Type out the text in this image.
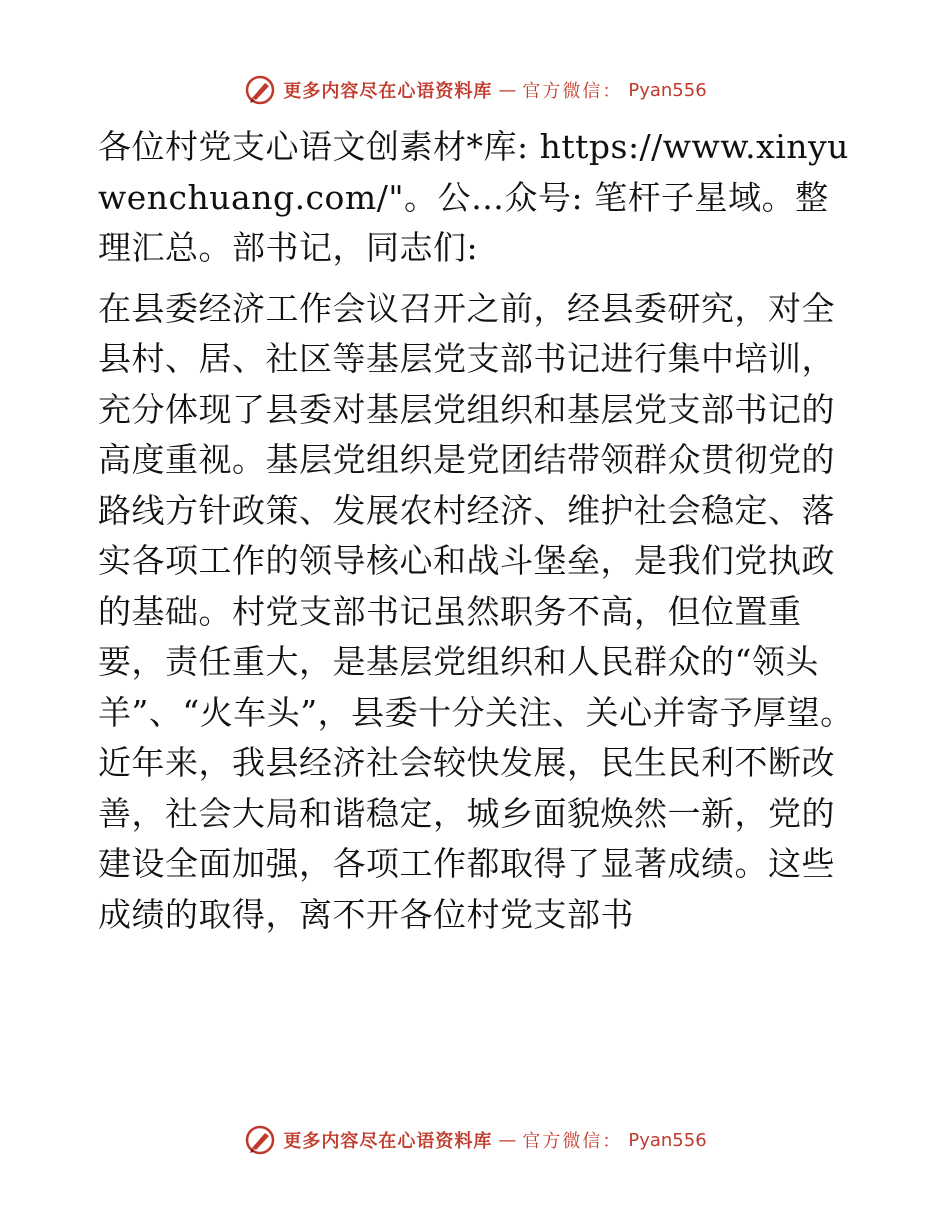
更多内容尽在心语资料库 — 官方微信： Pyan556

各位村党支心语文创素材*库: https://www.xinyuwenchuang.com/"。公…众号: 笔杆子星域。整理汇总。部书记，同志们:

在县委经济工作会议召开之前，经县委研究，对全县村、居、社区等基层党支部书记进行集中培训，充分体现了县委对基层党组织和基层党支部书记的高度重视。基层党组织是党团结带领群众贯彻党的路线方针政策、发展农村经济、维护社会稳定、落实各项工作的领导核心和战斗堡垒，是我们党执政的基础。村党支部书记虽然职务不高，但位置重要，责任重大，是基层党组织和人民群众的“领头羊”、“火车头”，县委十分关注、关心并寄予厚望。近年来，我县经济社会较快发展，民生民利不断改善，社会大局和谐稳定，城乡面貌焕然一新，党的建设全面加强，各项工作都取得了显著成绩。这些成绩的取得，离不开各位村党支部书

更多内容尽在心语资料库 — 官方微信： Pyan556
